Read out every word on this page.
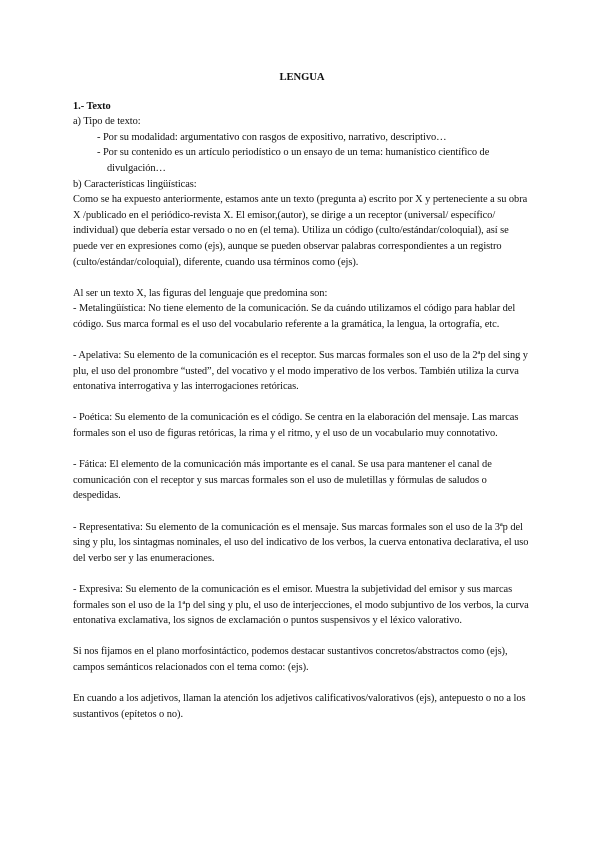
LENGUA

1.- Texto

a) Tipo de texto:

- Por su modalidad: argumentativo con rasgos de expositivo, narrativo, descriptivo…
- Por su contenido es un artículo periodístico o un ensayo de un tema: humanístico científico de divulgación…

b) Características lingüísticas:

Como se ha expuesto anteriormente, estamos ante un texto (pregunta a) escrito por X y perteneciente a su obra X /publicado en el periódico-revista X. El emisor,(autor), se dirige a un receptor (universal/ específico/ individual) que debería estar versado o no en (el tema). Utiliza un código (culto/estándar/coloquial), así se puede ver en expresiones como (ejs), aunque se pueden observar palabras correspondientes a un registro (culto/estándar/coloquial), diferente, cuando usa términos como (ejs).

Al ser un texto X, las figuras del lenguaje que predomina son:

- Metalingüística: No tiene elemento de la comunicación. Se da cuándo utilizamos el código para hablar del código. Sus marca formal es el uso del vocabulario referente a la gramática, la lengua, la ortografía, etc.

- Apelativa: Su elemento de la comunicación es el receptor. Sus marcas formales son el uso de la 2ªp del sing y plu, el uso del pronombre “usted”, del vocativo y el modo imperativo de los verbos. También utiliza la curva entonativa interrogativa y las interrogaciones retóricas.

- Poética: Su elemento de la comunicación es el código. Se centra en la elaboración del mensaje. Las marcas formales son el uso de figuras retóricas, la rima y el ritmo, y el uso de un vocabulario muy connotativo.

- Fática: El elemento de la comunicación más importante es el canal. Se usa para mantener el canal de comunicación con el receptor y sus marcas formales son el uso de muletillas y fórmulas de saludos o despedidas.

- Representativa: Su elemento de la comunicación es el mensaje. Sus marcas formales son el uso de la 3ªp del sing y plu, los sintagmas nominales, el uso del indicativo de los verbos, la cuerva entonativa declarativa, el uso del verbo ser y las enumeraciones.

- Expresiva: Su elemento de la comunicación es el emisor. Muestra la subjetividad del emisor y sus marcas formales son el uso de la 1ªp del sing y plu, el uso de interjecciones, el modo subjuntivo de los verbos, la curva entonativa exclamativa, los signos de exclamación o puntos suspensivos y el léxico valorativo.

Si nos fijamos en el plano morfosintáctico, podemos destacar sustantivos concretos/abstractos como (ejs), campos semánticos relacionados con el tema como: (ejs).

En cuando a los adjetivos, llaman la atención los adjetivos calificativos/valorativos (ejs), antepuesto o no a los sustantivos (epítetos o no).
